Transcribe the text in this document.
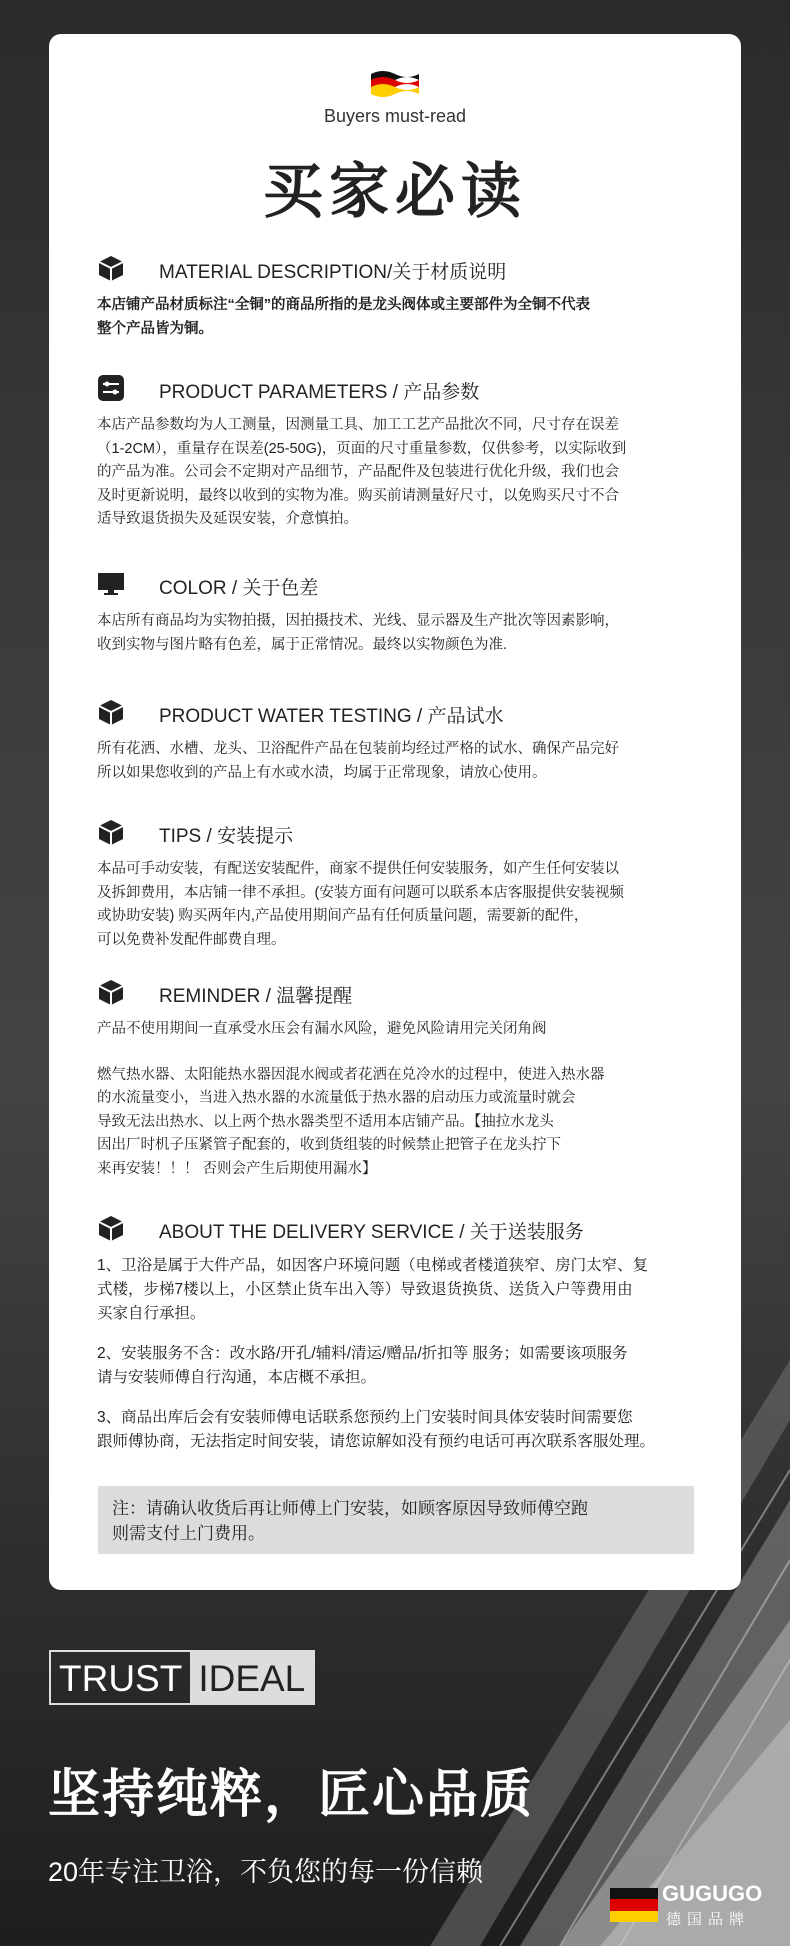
Buyers must-read
买家必读
MATERIAL DESCRIPTION/关于材质说明

本店铺产品材质标注“全铜”的商品所指的是龙头阀体或主要部件为全铜不代表

整个产品皆为铜。

PRODUCT PARAMETERS / 产品参数

本店产品参数均为人工测量，因测量工具、加工工艺产品批次不同，尺寸存在误差

（1-2CM），重量存在误差(25-50G)，页面的尺寸重量参数，仅供参考，以实际收到

的产品为准。公司会不定期对产品细节，产品配件及包装进行优化升级，我们也会

及时更新说明，最终以收到的实物为准。购买前请测量好尺寸，以免购买尺寸不合

适导致退货损失及延误安装，介意慎拍。

COLOR / 关于色差

本店所有商品均为实物拍摄，因拍摄技术、光线、显示器及生产批次等因素影响，

收到实物与图片略有色差，属于正常情况。最终以实物颜色为准.

PRODUCT WATER TESTING / 产品试水

所有花洒、水槽、龙头、卫浴配件产品在包装前均经过严格的试水、确保产品完好

所以如果您收到的产品上有水或水渍，均属于正常现象，请放心使用。

TIPS / 安装提示

本品可手动安装，有配送安装配件，商家不提供任何安装服务，如产生任何安装以

及拆卸费用，本店铺一律不承担。(安装方面有问题可以联系本店客服提供安装视频

或协助安装) 购买两年内,产品使用期间产品有任何质量问题，需要新的配件，

可以免费补发配件邮费自理。

REMINDER / 温馨提醒

产品不使用期间一直承受水压会有漏水风险，避免风险请用完关闭角阀

燃气热水器、太阳能热水器因混水阀或者花洒在兑冷水的过程中，使进入热水器

的水流量变小，当进入热水器的水流量低于热水器的启动压力或流量时就会

导致无法出热水、以上两个热水器类型不适用本店铺产品。【抽拉水龙头

因出厂时机子压紧管子配套的，收到货组装的时候禁止把管子在龙头拧下

来再安装！！！ 否则会产生后期使用漏水】

ABOUT THE DELIVERY SERVICE / 关于送装服务

1、卫浴是属于大件产品，如因客户环境问题（电梯或者楼道狭窄、房门太窄、复

式楼，步梯7楼以上，小区禁止货车出入等）导致退货换货、送货入户等费用由

买家自行承担。

2、安装服务不含：改水路/开孔/辅料/清运/赠品/折扣等 服务；如需要该项服务

请与安装师傅自行沟通，本店概不承担。

3、商品出库后会有安装师傅电话联系您预约上门安装时间具体安装时间需要您

跟师傅协商，无法指定时间安装，请您谅解如没有预约电话可再次联系客服处理。

注：请确认收货后再让师傅上门安装，如顾客原因导致师傅空跑
则需支付上门费用。
TRUST IDEAL
坚持纯粹，匠心品质
20年专注卫浴，不负您的每一份信赖
GUGUGO
德国品牌
